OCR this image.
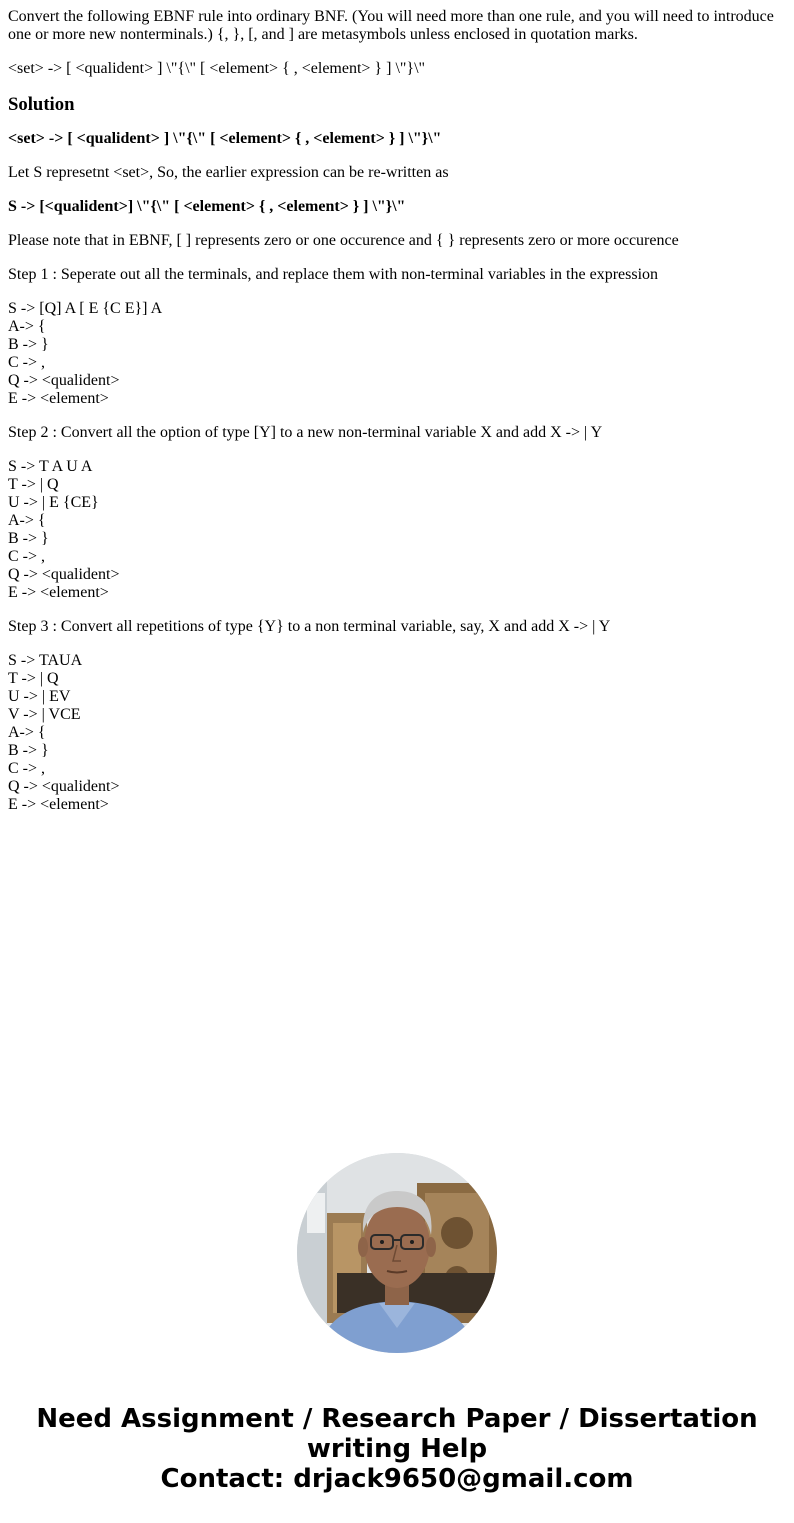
Convert the following EBNF rule into ordinary BNF. (You will need more than one rule, and you will need to introduce one or more new nonterminals.) {, }, [, and ] are metasymbols unless enclosed in quotation marks.

<set> -> [ <qualident> ] \"{\" [ <element> { , <element> } ] \"}\"

Solution

<set> -> [ <qualident> ] \"{\" [ <element> { , <element> } ] \"}\"

Let S represetnt <set>, So, the earlier expression can be re-written as

S -> [<qualident>] \"{\" [ <element> { , <element> } ] \"}\"

Please note that in EBNF, [ ] represents zero or one occurence and { } represents zero or more occurence

Step 1 : Seperate out all the terminals, and replace them with non-terminal variables in the expression

S -> [Q] A [ E {C E}] A
A-> {
B -> }
C -> ,
Q -> <qualident>
E -> <element>

Step 2 : Convert all the option of type [Y] to a new non-terminal variable X and add X -> | Y

S -> T A U A
T -> | Q
U -> | E {CE}
A-> {
B -> }
C -> ,
Q -> <qualident>
E -> <element>

Step 3 : Convert all repetitions of type {Y} to a non terminal variable, say, X and add X -> | Y

S -> TAUA
T -> | Q
U -> | EV
V -> | VCE
A-> {
B -> }
C -> ,
Q -> <qualident>
E -> <element>
Need Assignment / Research Paper / Dissertation
writing Help
Contact: drjack9650@gmail.com
